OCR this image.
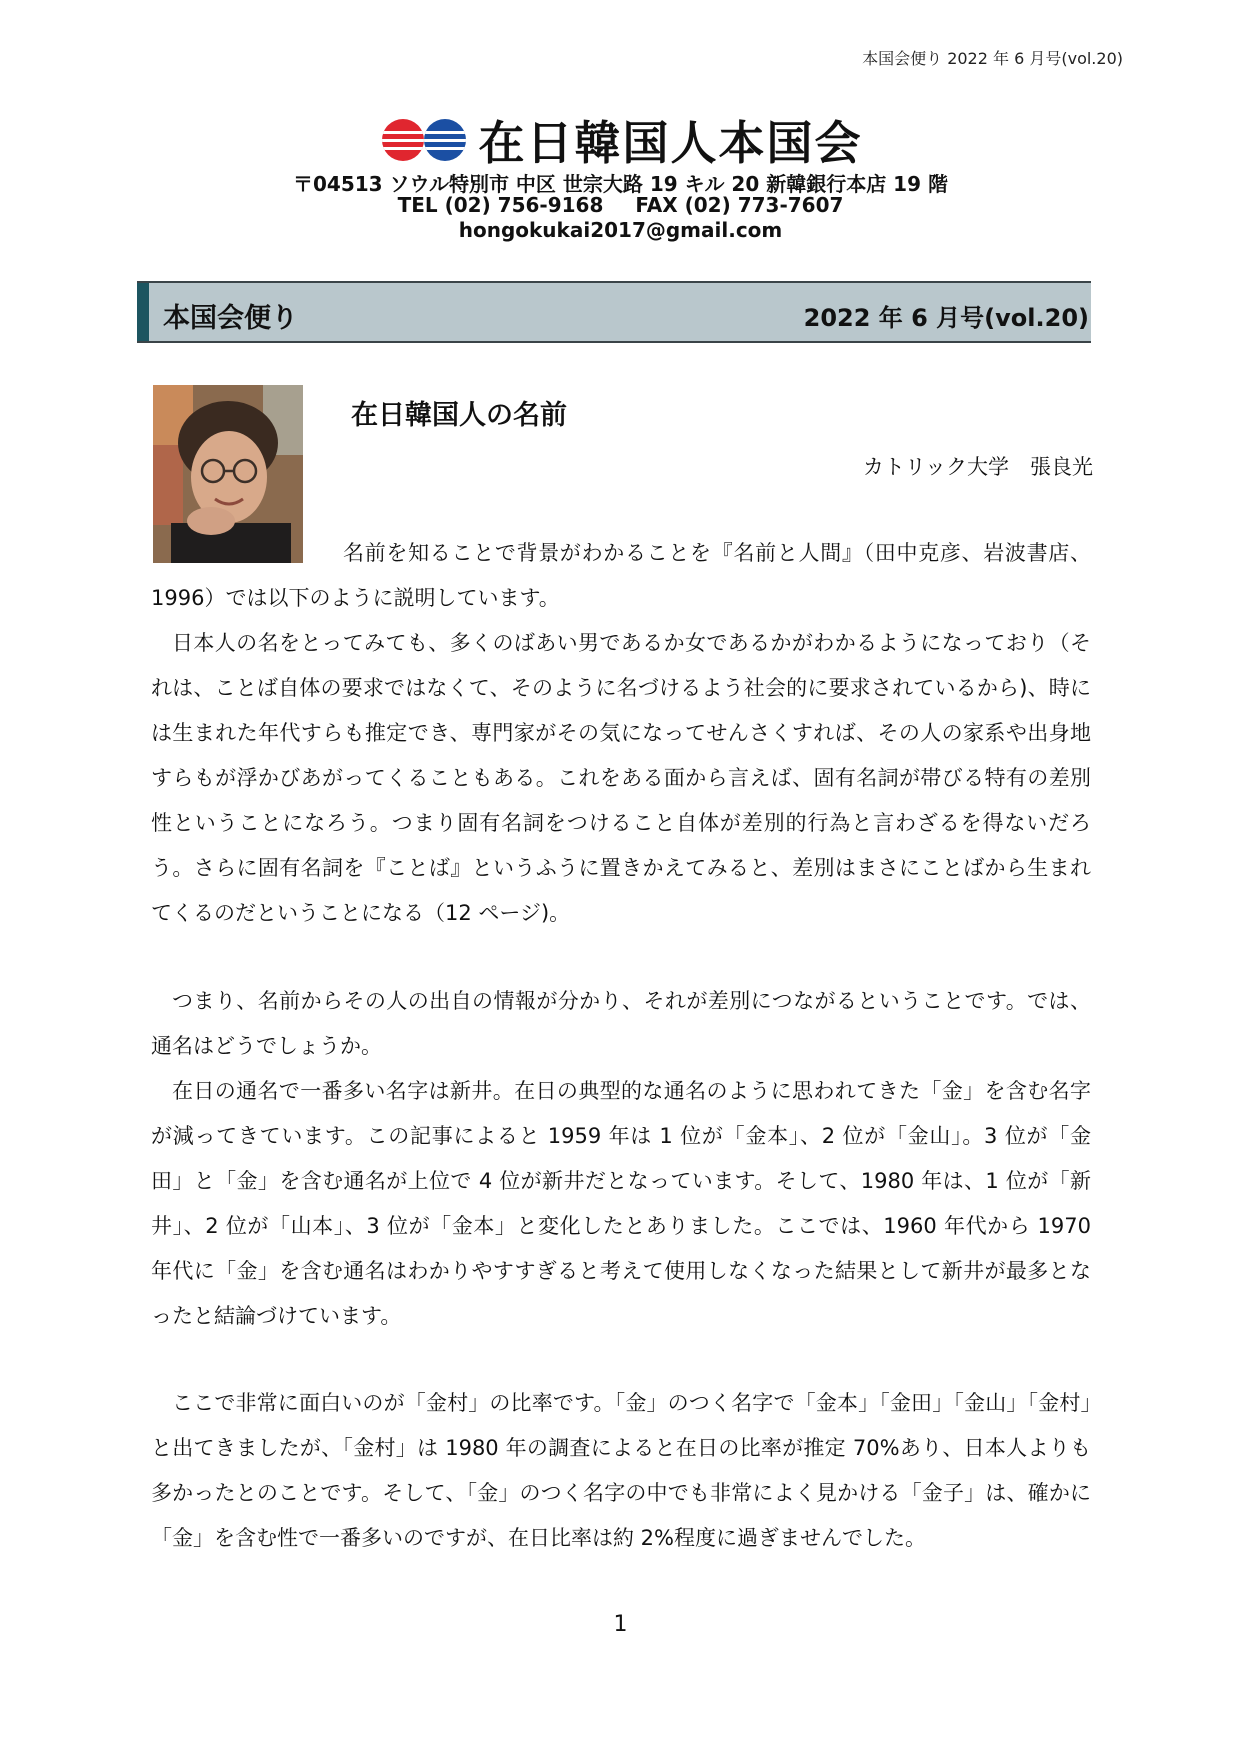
本国会便り 2022 年 6 月号(vol.20)
在日韓国人本国会
〒04513 ソウル特別市 中区 世宗大路 19 キル 20 新韓銀行本店 19 階
TEL (02) 756-9168 FAX (02) 773-7607
hongokukai2017@gmail.com
本国会便り	2022 年 6 月号(vol.20)
在日韓国人の名前
カトリック大学　張良光

名前を知ることで背景がわかることを『名前と人間』（田中克彦、岩波書店、1996）では以下のように説明しています。

日本人の名をとってみても、多くのばあい男であるか女であるかがわかるようになっており（それは、ことば自体の要求ではなくて、そのように名づけるよう社会的に要求されているから)、時には生まれた年代すらも推定でき、専門家がその気になってせんさくすれば、その人の家系や出身地すらもが浮かびあがってくることもある。これをある面から言えば、固有名詞が帯びる特有の差別性ということになろう。つまり固有名詞をつけること自体が差別的行為と言わざるを得ないだろう。さらに固有名詞を『ことば』というふうに置きかえてみると、差別はまさにことばから生まれてくるのだということになる（12 ページ)。

つまり、名前からその人の出自の情報が分かり、それが差別につながるということです。では、通名はどうでしょうか。

在日の通名で一番多い名字は新井。在日の典型的な通名のように思われてきた「金」を含む名字が減ってきています。この記事によると 1959 年は 1 位が「金本」、2 位が「金山」。3 位が「金田」と「金」を含む通名が上位で 4 位が新井だとなっています。そして、1980 年は、1 位が「新井」、2 位が「山本」、3 位が「金本」と変化したとありました。ここでは、1960 年代から 1970 年代に「金」を含む通名はわかりやすすぎると考えて使用しなくなった結果として新井が最多となったと結論づけています。

ここで非常に面白いのが「金村」の比率です。「金」のつく名字で「金本」「金田」「金山」「金村」と出てきましたが、「金村」は 1980 年の調査によると在日の比率が推定 70%あり、日本人よりも多かったとのことです。そして、「金」のつく名字の中でも非常によく見かける「金子」は、確かに「金」を含む性で一番多いのですが、在日比率は約 2%程度に過ぎませんでした。

1
